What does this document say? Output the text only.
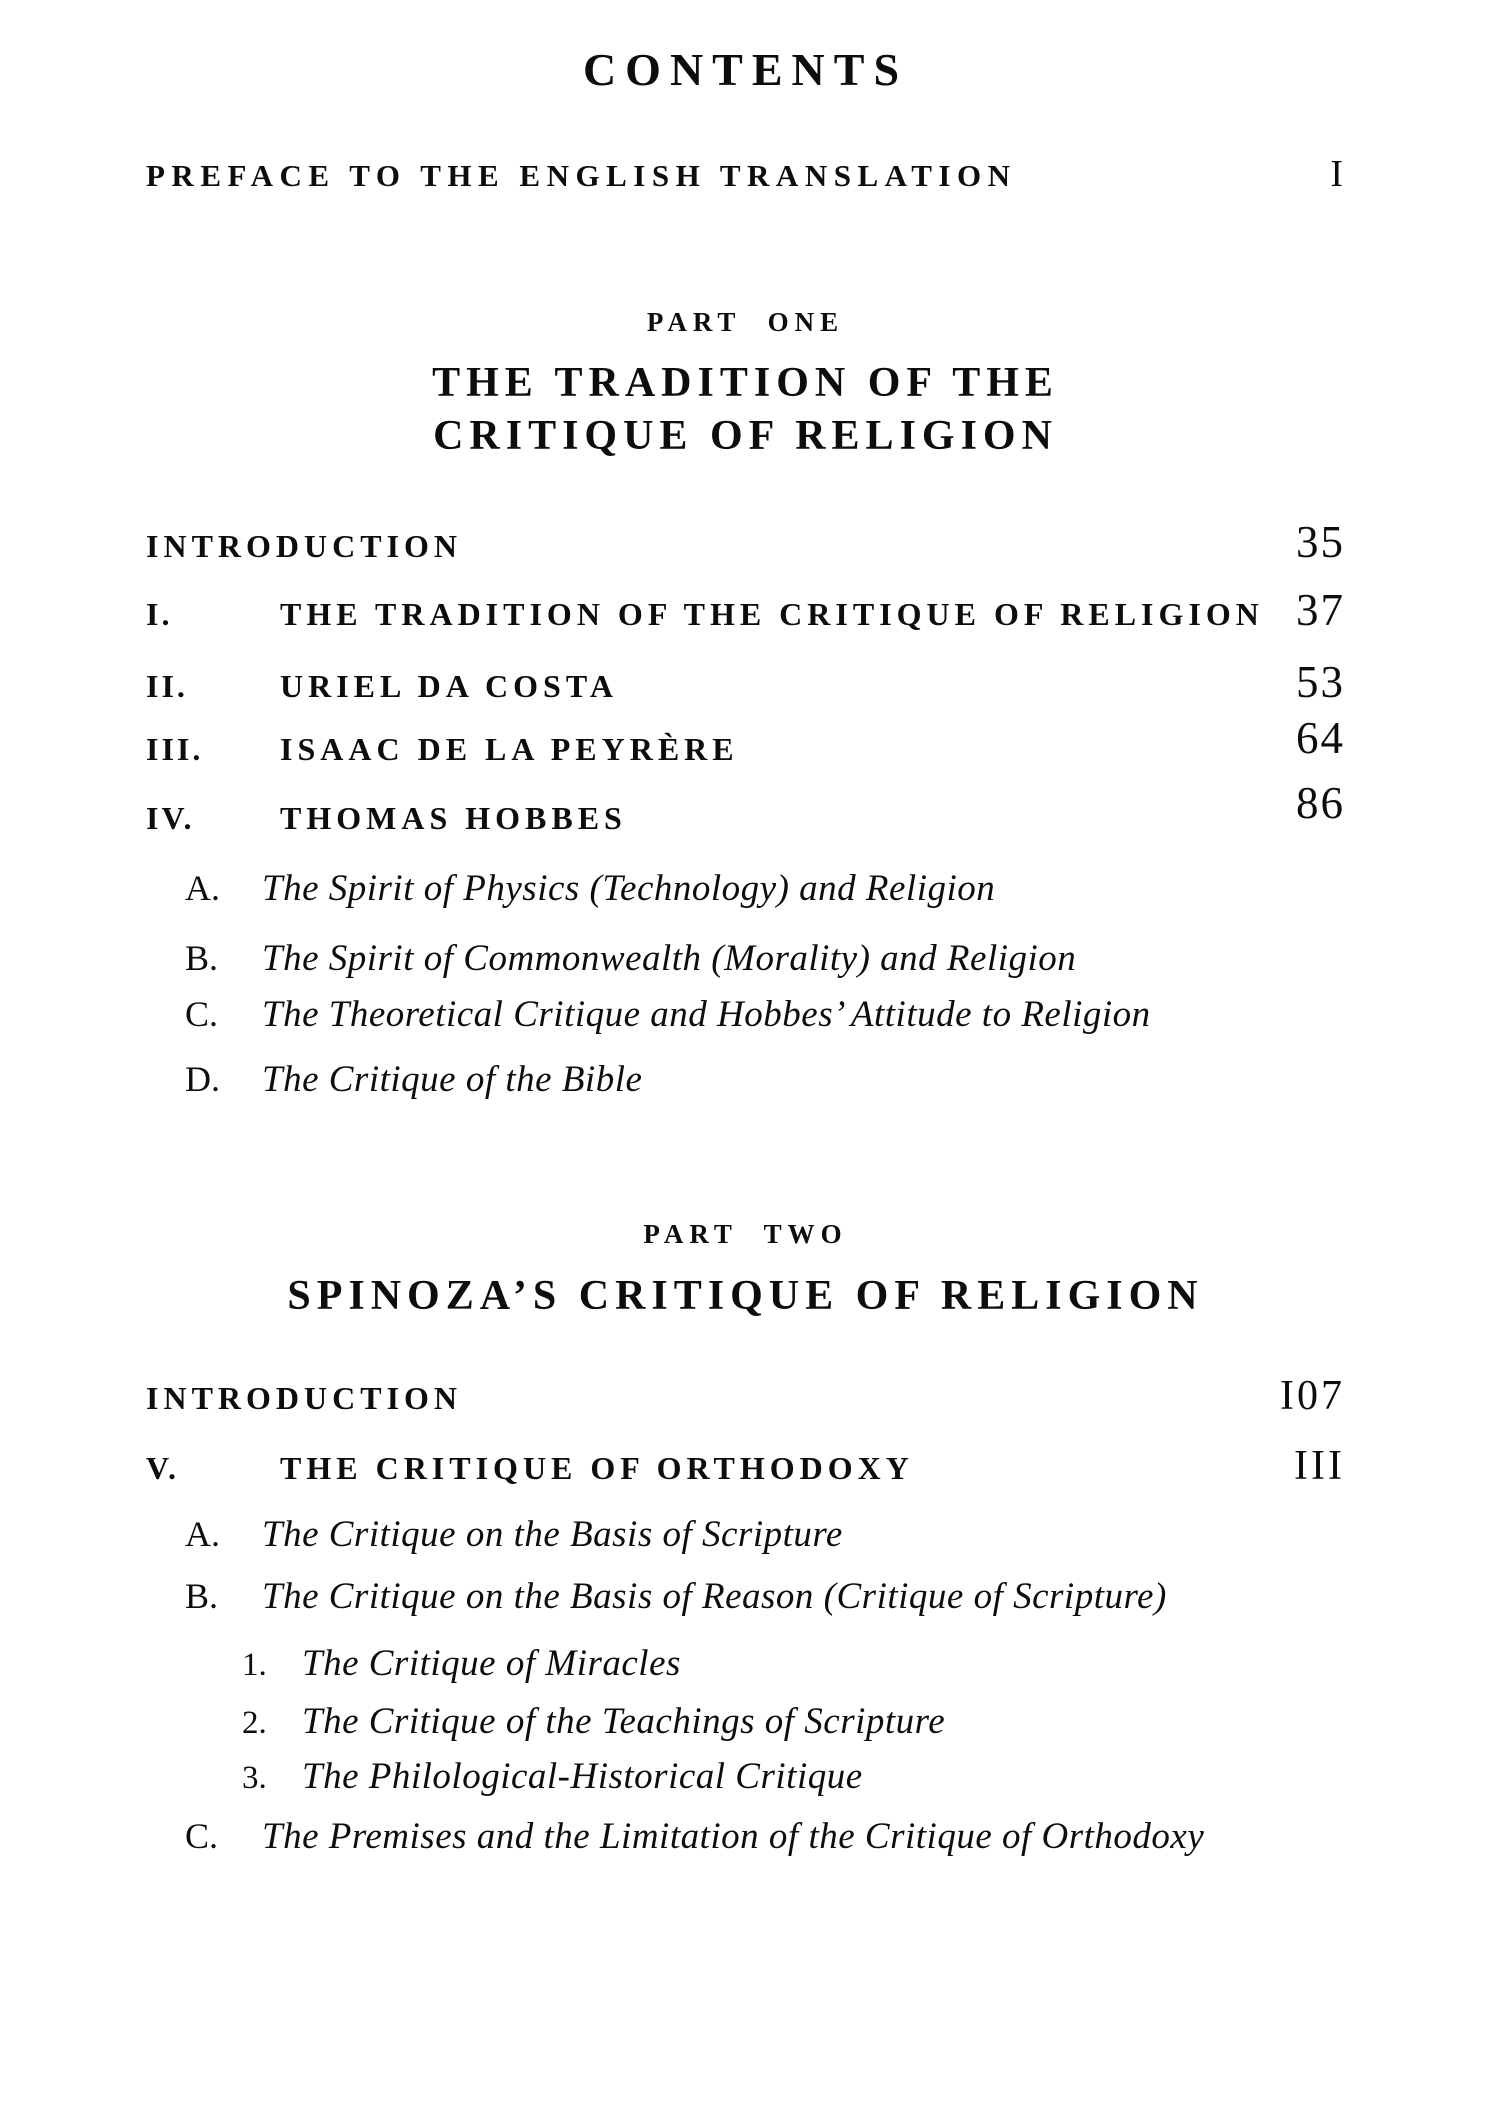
CONTENTS
PREFACE TO THE ENGLISH TRANSLATION	I
PART ONE
THE TRADITION OF THE
CRITIQUE OF RELIGION
INTRODUCTION	35
I.	THE TRADITION OF THE CRITIQUE OF RELIGION 37
II.	URIEL DA COSTA	53
III.	ISAAC DE LA PEYRÈRE	64
IV.	THOMAS HOBBES	86
A.	The Spirit of Physics (Technology) and Religion
B.	The Spirit of Commonwealth (Morality) and Religion
C.	The Theoretical Critique and Hobbes’ Attitude to Religion
D.	The Critique of the Bible
PART TWO
SPINOZA’S CRITIQUE OF RELIGION
INTRODUCTION	I07
V.	THE CRITIQUE OF ORTHODOXY	III
A.	The Critique on the Basis of Scripture
B.	The Critique on the Basis of Reason (Critique of Scripture)
1. The Critique of Miracles
2. The Critique of the Teachings of Scripture
3. The Philological-Historical Critique
C.	The Premises and the Limitation of the Critique of Orthodoxy
